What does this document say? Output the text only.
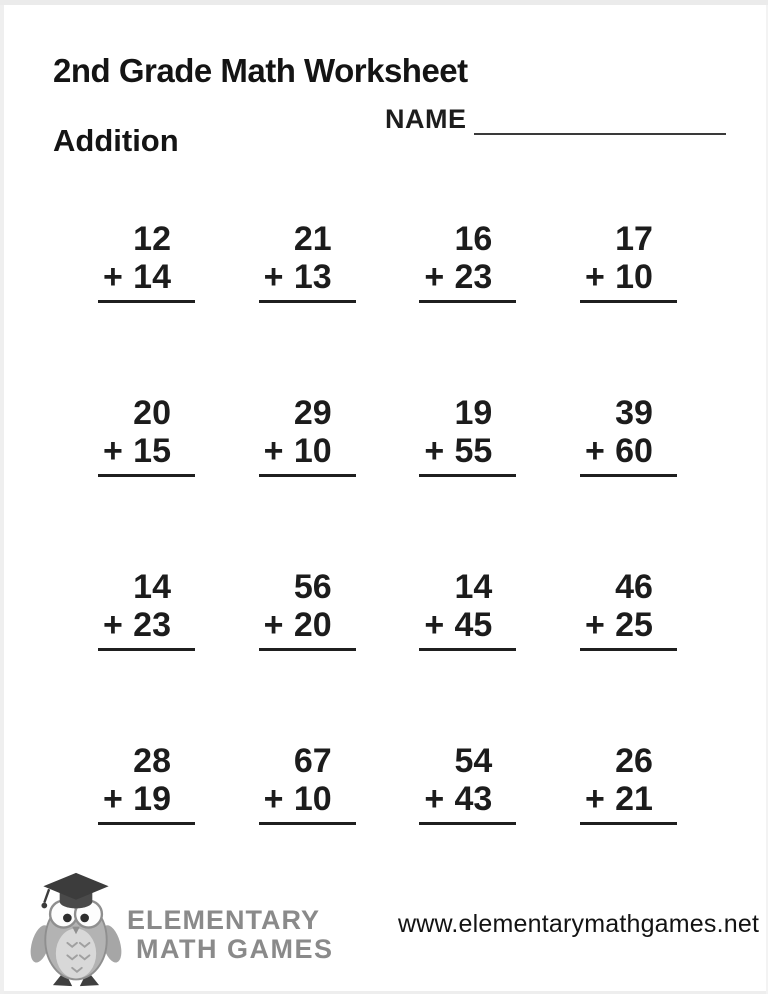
2nd Grade Math Worksheet
Addition
NAME
12
+ 14
21
+ 13
16
+ 23
17
+ 10
20
+ 15
29
+ 10
19
+ 55
39
+ 60
14
+ 23
56
+ 20
14
+ 45
46
+ 25
28
+ 19
67
+ 10
54
+ 43
26
+ 21
ELEMENTARY
MATH GAMES
www.elementarymathgames.net
